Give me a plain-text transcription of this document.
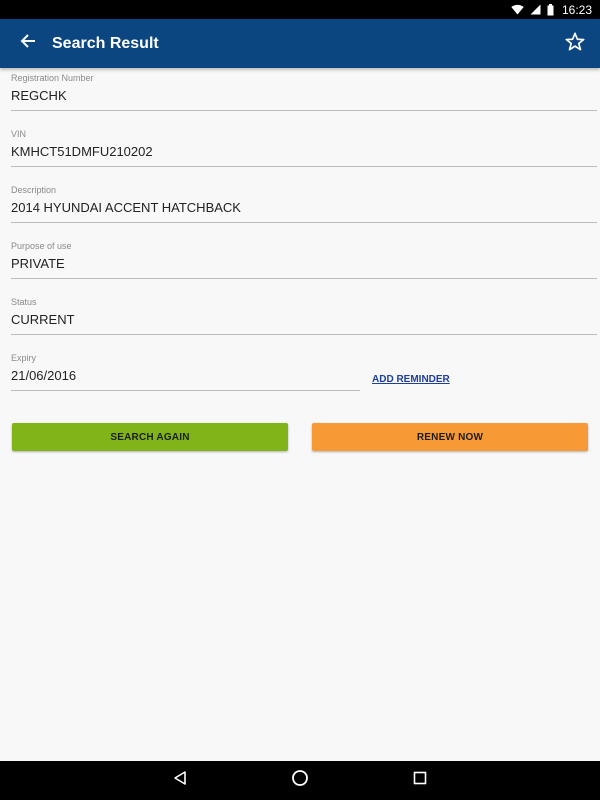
16:23
Search Result
Registration Number
REGCHK
VIN
KMHCT51DMFU210202
Description
2014 HYUNDAI ACCENT HATCHBACK
Purpose of use
PRIVATE
Status
CURRENT
Expiry
21/06/2016	ADD REMINDER
SEARCH AGAIN	RENEW NOW
